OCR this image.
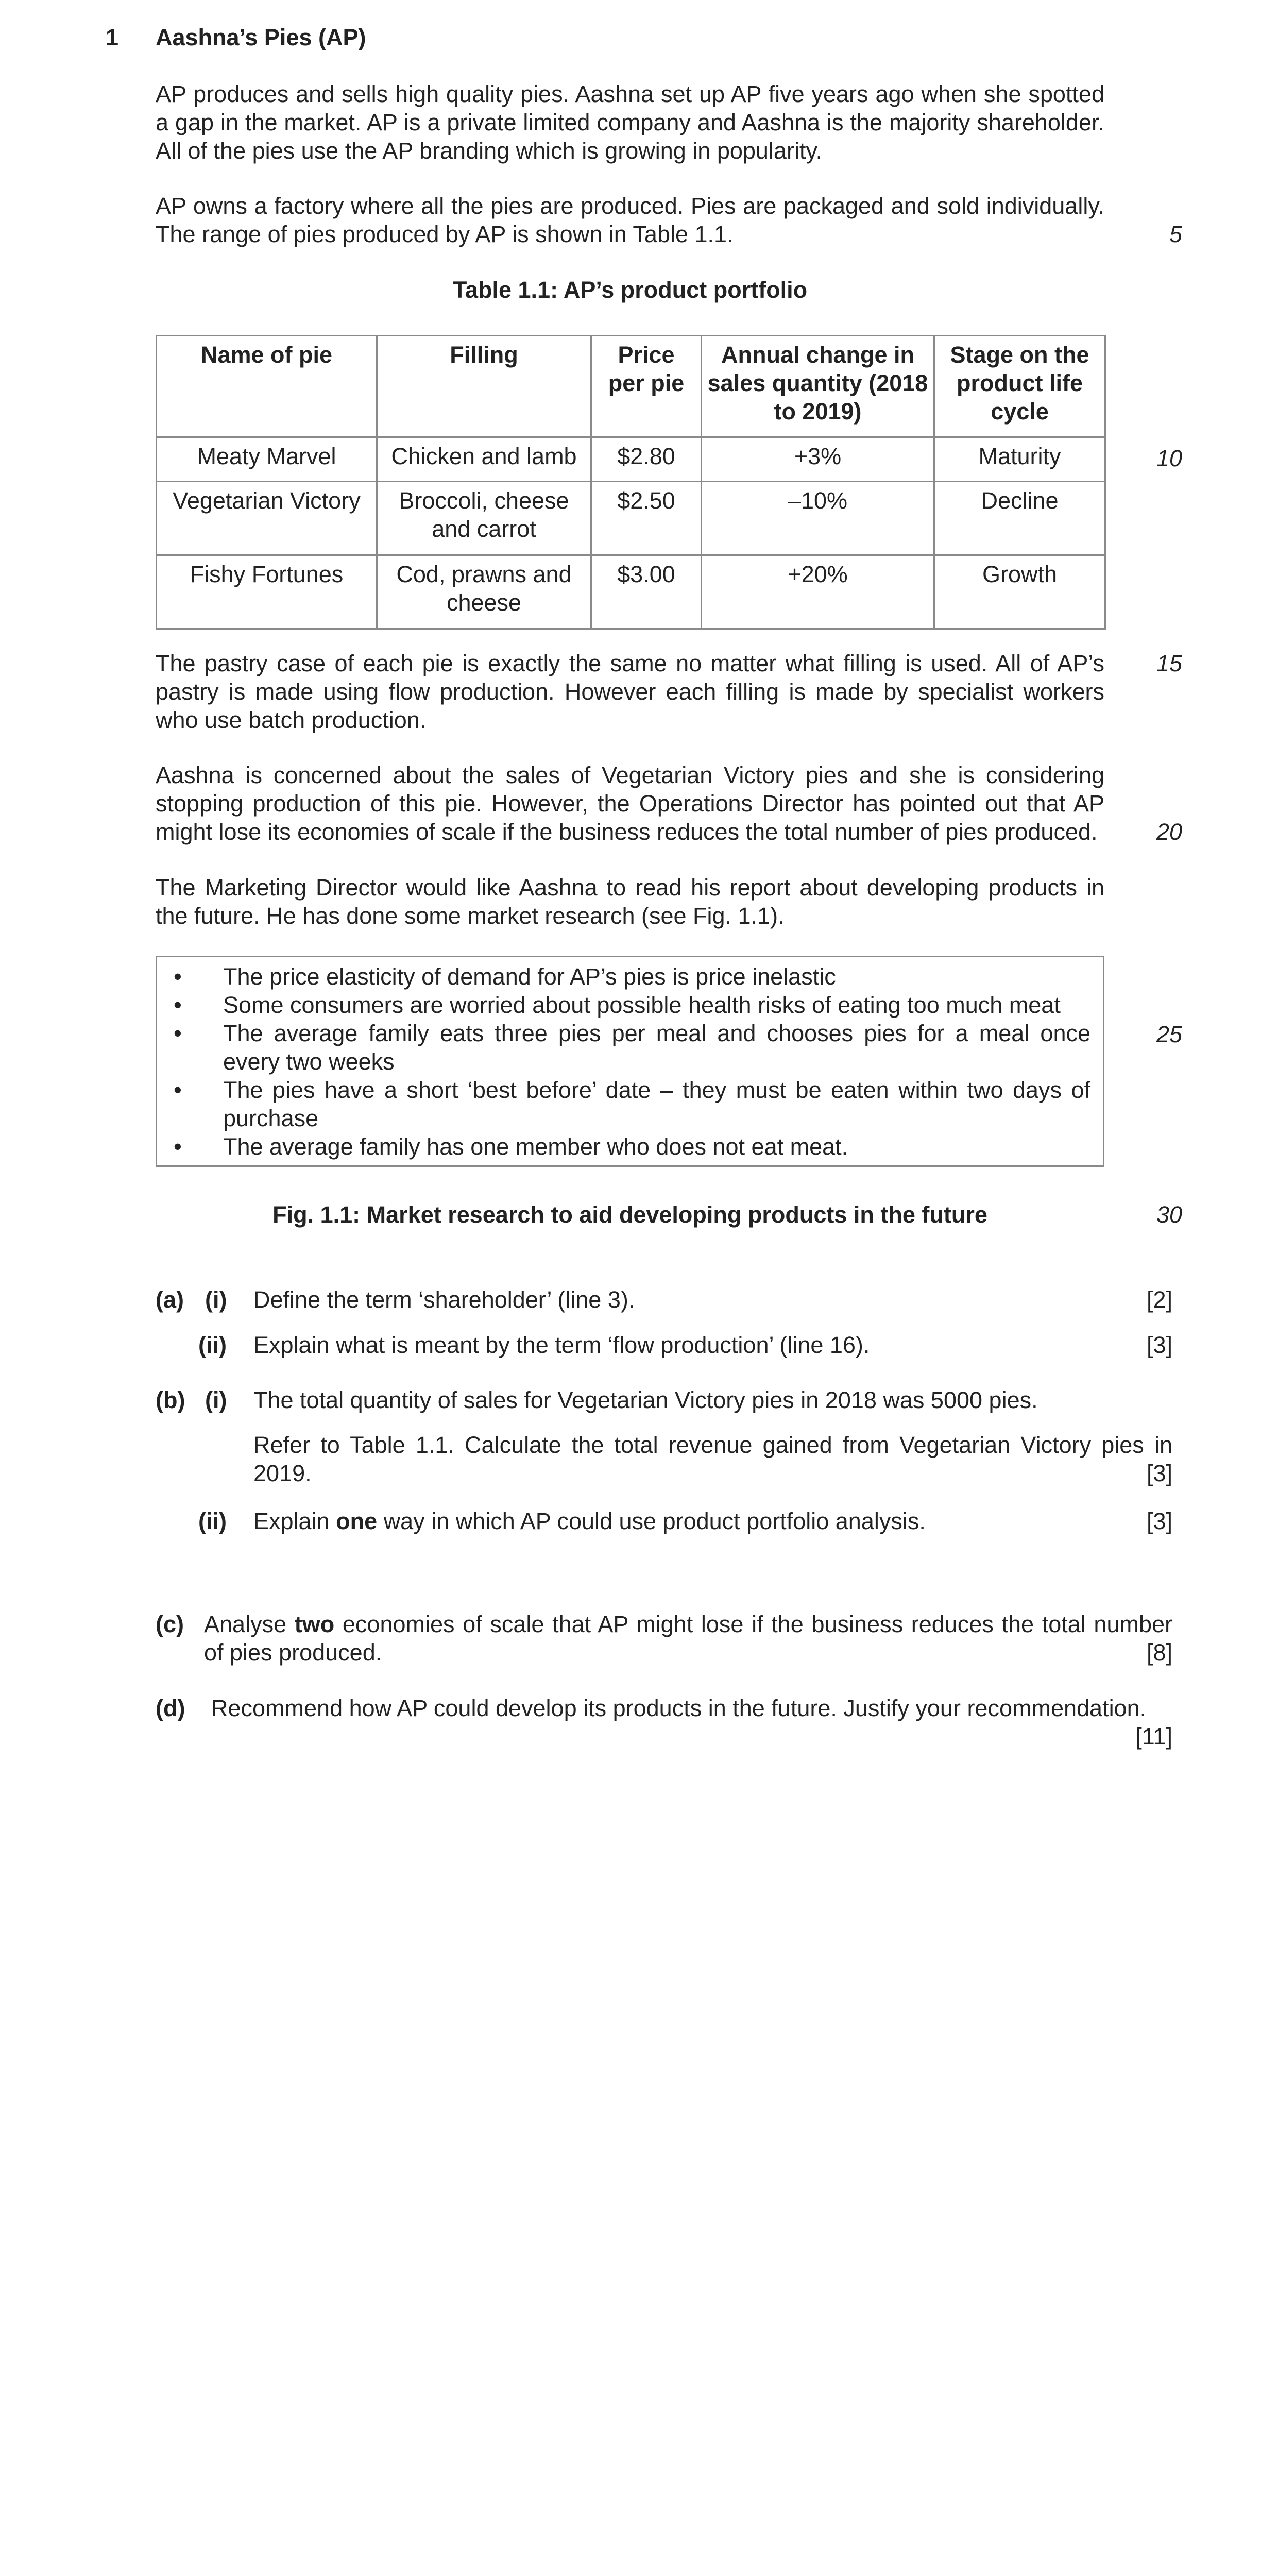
1 Aashna’s Pies (AP)
AP produces and sells high quality pies. Aashna set up AP five years ago when she spotted a gap in the market. AP is a private limited company and Aashna is the majority shareholder. All of the pies use the AP branding which is growing in popularity.
AP owns a factory where all the pies are produced. Pies are packaged and sold individually. The range of pies produced by AP is shown in Table 1.1.
Table 1.1: AP’s product portfolio
Name of pie	Filling	Price per pie	Annual change in sales quantity (2018 to 2019)	Stage on the product life cycle
Meaty Marvel	Chicken and lamb	$2.80	+3%	Maturity
Vegetarian Victory	Broccoli, cheese and carrot	$2.50	–10%	Decline
Fishy Fortunes	Cod, prawns and cheese	$3.00	+20%	Growth
The pastry case of each pie is exactly the same no matter what filling is used. All of AP’s pastry is made using flow production. However each filling is made by specialist workers who use batch production.
Aashna is concerned about the sales of Vegetarian Victory pies and she is considering stopping production of this pie. However, the Operations Director has pointed out that AP might lose its economies of scale if the business reduces the total number of pies produced.
The Marketing Director would like Aashna to read his report about developing products in the future. He has done some market research (see Fig. 1.1).
•	The price elasticity of demand for AP’s pies is price inelastic
•	Some consumers are worried about possible health risks of eating too much meat
•	The average family eats three pies per meal and chooses pies for a meal once every two weeks
•	The pies have a short ‘best before’ date – they must be eaten within two days of purchase
•	The average family has one member who does not eat meat.
Fig. 1.1: Market research to aid developing products in the future
5
10
15
20
25
30
(a) (i) Define the term ‘shareholder’ (line 3).	[2]
(ii) Explain what is meant by the term ‘flow production’ (line 16).	[3]
(b) (i) The total quantity of sales for Vegetarian Victory pies in 2018 was 5000 pies.
Refer to Table 1.1. Calculate the total revenue gained from Vegetarian Victory pies in 2019.	[3]
(ii) Explain one way in which AP could use product portfolio analysis.	[3]
(c) Analyse two economies of scale that AP might lose if the business reduces the total number of pies produced.	[8]
(d) Recommend how AP could develop its products in the future. Justify your recommendation.
[11]
